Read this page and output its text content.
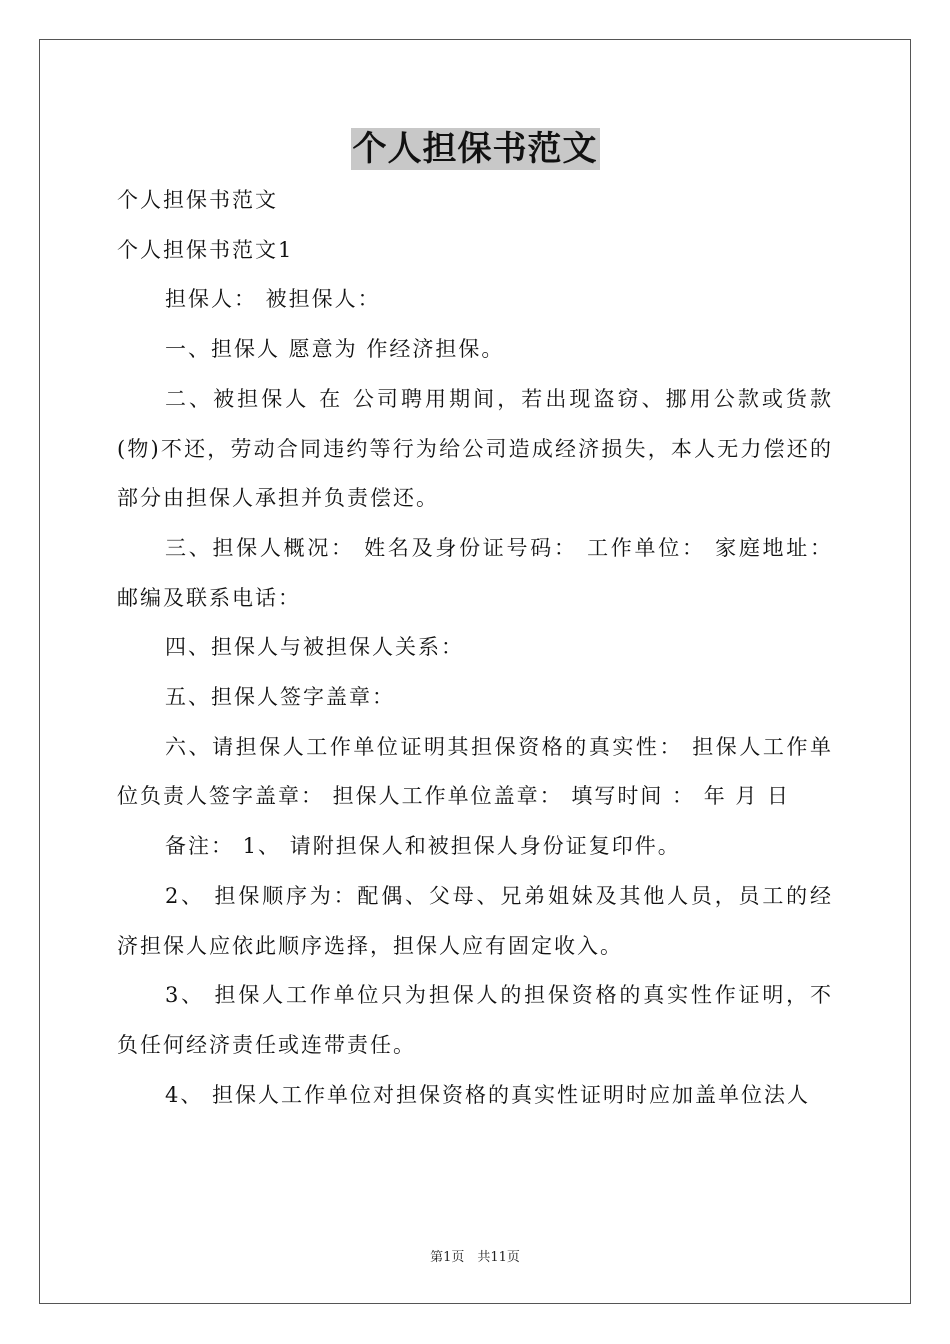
个人担保书范文

个人担保书范文

个人担保书范文1

担保人： 被担保人：

一、担保人 愿意为 作经济担保。

二、被担保人 在 公司聘用期间，若出现盗窃、挪用公款或货款(物)不还，劳动合同违约等行为给公司造成经济损失，本人无力偿还的部分由担保人承担并负责偿还。

三、担保人概况： 姓名及身份证号码： 工作单位： 家庭地址： 邮编及联系电话：

四、担保人与被担保人关系：

五、担保人签字盖章：

六、请担保人工作单位证明其担保资格的真实性： 担保人工作单位负责人签字盖章： 担保人工作单位盖章： 填写时间 ： 年 月 日

备注： 1、 请附担保人和被担保人身份证复印件。

2、 担保顺序为：配偶、父母、兄弟姐妹及其他人员，员工的经济担保人应依此顺序选择，担保人应有固定收入。

3、 担保人工作单位只为担保人的担保资格的真实性作证明，不负任何经济责任或连带责任。

4、 担保人工作单位对担保资格的真实性证明时应加盖单位法人

第1页　共11页
